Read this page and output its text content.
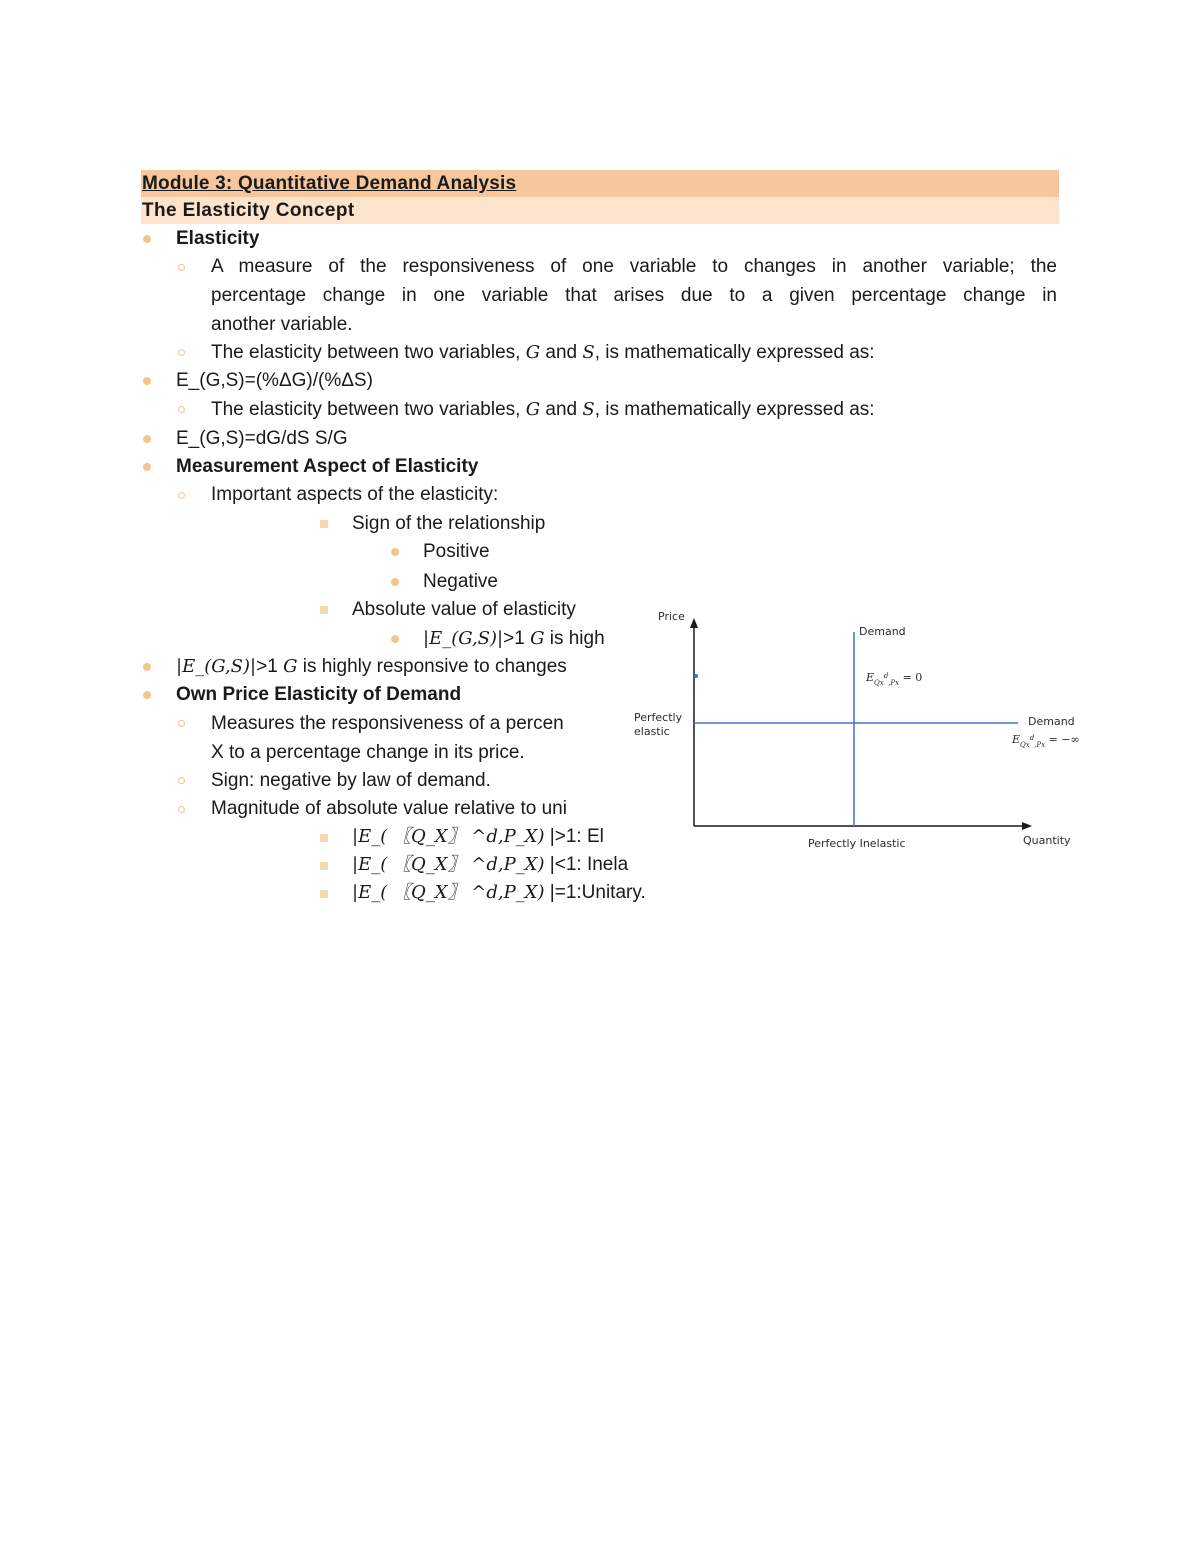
Module 3: Quantitative Demand Analysis
The Elasticity Concept
Elasticity
A measure of the responsiveness of one variable to changes in another variable; the
percentage change in one variable that arises due to a given percentage change in
another variable.
The elasticity between two variables, G and S, is mathematically expressed as:
E_(G,S)=(%ΔG)/(%ΔS)
The elasticity between two variables, G and S, is mathematically expressed as:
E_(G,S)=dG/dS S/G
Measurement Aspect of Elasticity
Important aspects of the elasticity:
Sign of the relationship
Positive
Negative
Absolute value of elasticity
|E_(G,S)|>1 G is high
|E_(G,S)|>1 G is highly responsive to changes
Own Price Elasticity of Demand
Measures the responsiveness of a percen
X to a percentage change in its price.
Sign: negative by law of demand.
Magnitude of absolute value relative to uni
|E_( 〖Q_X〗 ^d,P_X) |>1: El
|E_( 〖Q_X〗 ^d,P_X) |<1: Inela
|E_( 〖Q_X〗 ^d,P_X) |=1:Unitary.
Price
Demand
Demand
Perfectly
elastic
Perfectly Inelastic	Quantity
$E_{Qx}^d_{,Px} = 0$
$E_{Qx}^d_{,Px}$ = −∞
